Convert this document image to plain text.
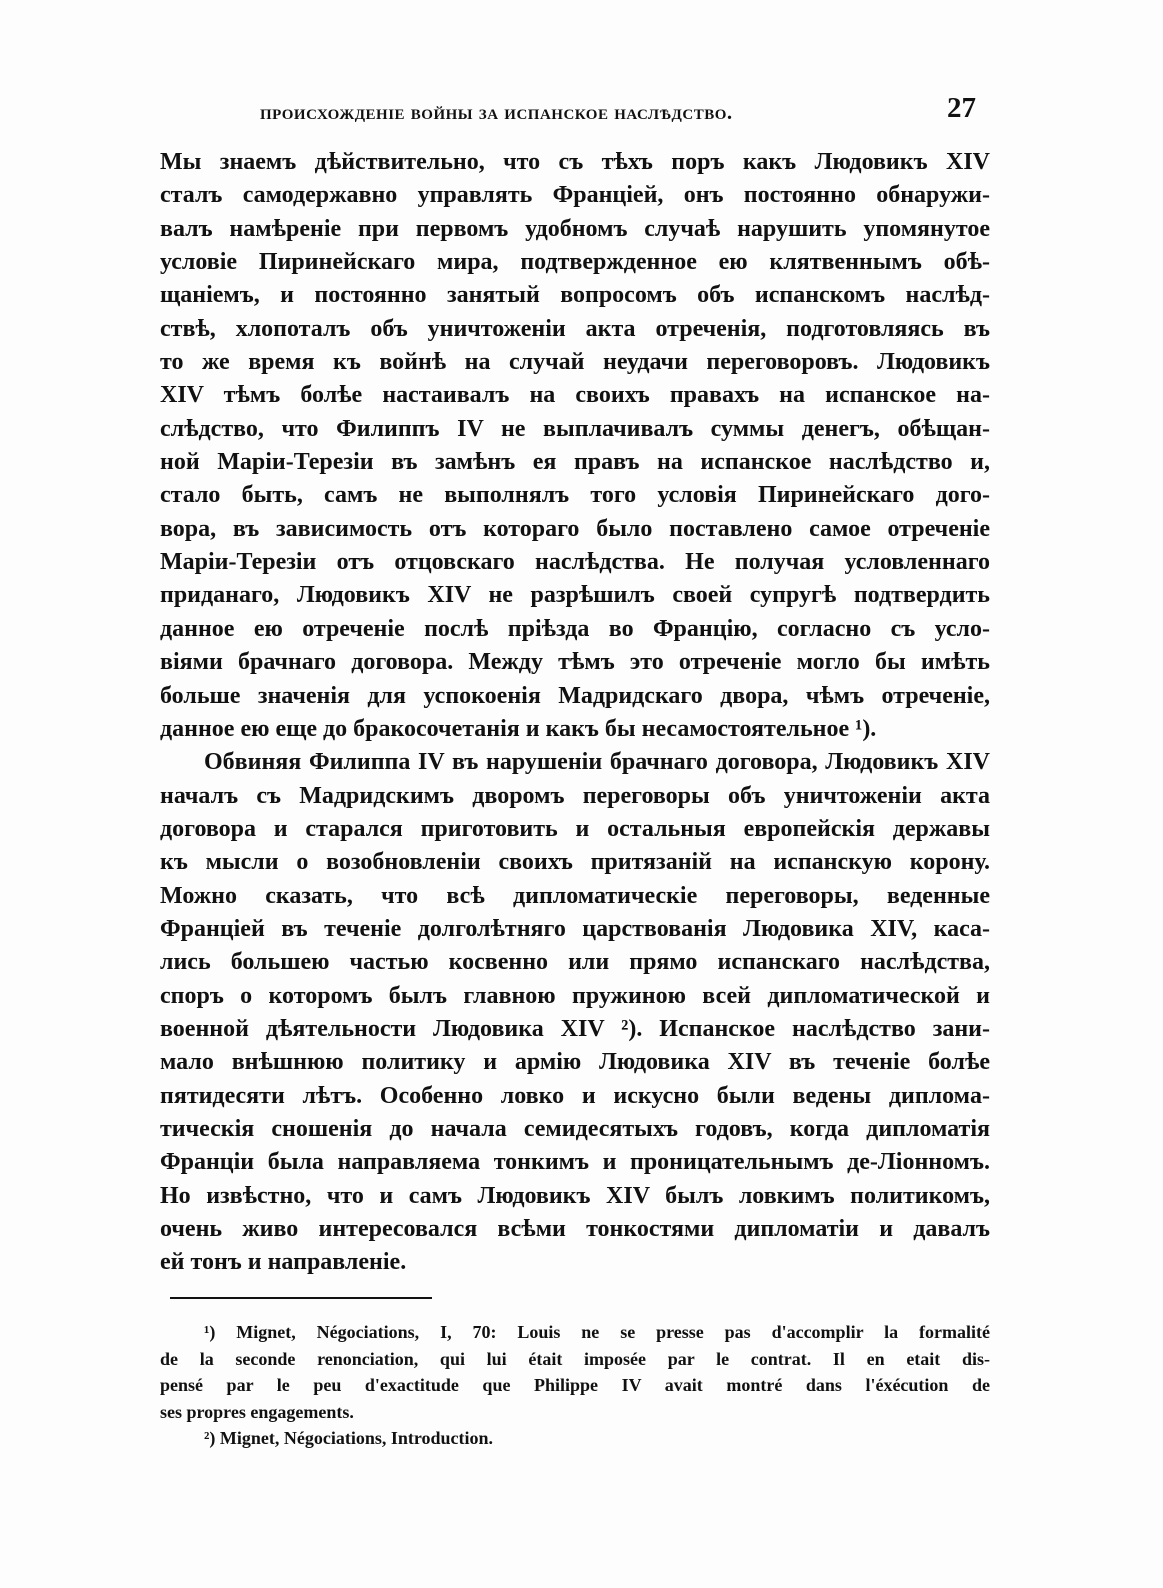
происхожденіе войны за испанское наслѣдство.	27
Мы знаемъ дѣйствительно, что съ тѣхъ поръ какъ Людовикъ XIV
сталъ самодержавно управлять Франціей, онъ постоянно обнаружи-
валъ намѣреніе при первомъ удобномъ случаѣ нарушить упомянутое
условіе Пиринейскаго мира, подтвержденное ею клятвеннымъ обѣ-
щаніемъ, и постоянно занятый вопросомъ объ испанскомъ наслѣд-
ствѣ, хлопоталъ объ уничтоженіи акта отреченія, подготовляясь въ
то же время къ войнѣ на случай неудачи переговоровъ. Людовикъ
XIV тѣмъ болѣе настаивалъ на своихъ правахъ на испанское на-
слѣдство, что Филиппъ IV не выплачивалъ суммы денегъ, обѣщан-
ной Маріи-Терезіи въ замѣнъ ея правъ на испанское наслѣдство и,
стало быть, самъ не выполнялъ того условія Пиринейскаго дого-
вора, въ зависимость отъ котораго было поставлено самое отреченіе
Маріи-Терезіи отъ отцовскаго наслѣдства. Не получая условленнаго
приданаго, Людовикъ XIV не разрѣшилъ своей супругѣ подтвердить
данное ею отреченіе послѣ пріѣзда во Францію, согласно съ усло-
віями брачнаго договора. Между тѣмъ это отреченіе могло бы имѣть
больше значенія для успокоенія Мадридскаго двора, чѣмъ отреченіе,
данное ею еще до бракосочетанія и какъ бы несамостоятельное ¹).
Обвиняя Филиппа IV въ нарушеніи брачнаго договора, Людовикъ XIV
началъ съ Мадридскимъ дворомъ переговоры объ уничтоженіи акта
договора и старался приготовить и остальныя европейскія державы
къ мысли о возобновленіи своихъ притязаній на испанскую корону.
Можно сказать, что всѣ дипломатическіе переговоры, веденные
Франціей въ теченіе долголѣтняго царствованія Людовика XIV, каса-
лись большею частью косвенно или прямо испанскаго наслѣдства,
споръ о которомъ былъ главною пружиною всей дипломатической и
военной дѣятельности Людовика XIV ²). Испанское наслѣдство зани-
мало внѣшнюю политику и армію Людовика XIV въ теченіе болѣе
пятидесяти лѣтъ. Особенно ловко и искусно были ведены дипломa-
тическія сношенія до начала семидесятыхъ годовъ, когда дипломатія
Франціи была направляема тонкимъ и проницательнымъ де-Ліонномъ.
Но извѣстно, что и самъ Людовикъ XIV былъ ловкимъ политикомъ,
очень живо интересовался всѣми тонкостями дипломатіи и давалъ
ей тонъ и направленіе.
¹) Mignet, Négociations, I, 70: Louis ne se presse pas d'accomplir la formalité
de la seconde renonciation, qui lui était imposée par le contrat. Il en etait dis-
pensé par le peu d'exactitude que Philippe IV avait montré dans l'éxécution de
ses propres engagements.
²) Mignet, Négociations, Introduction.
